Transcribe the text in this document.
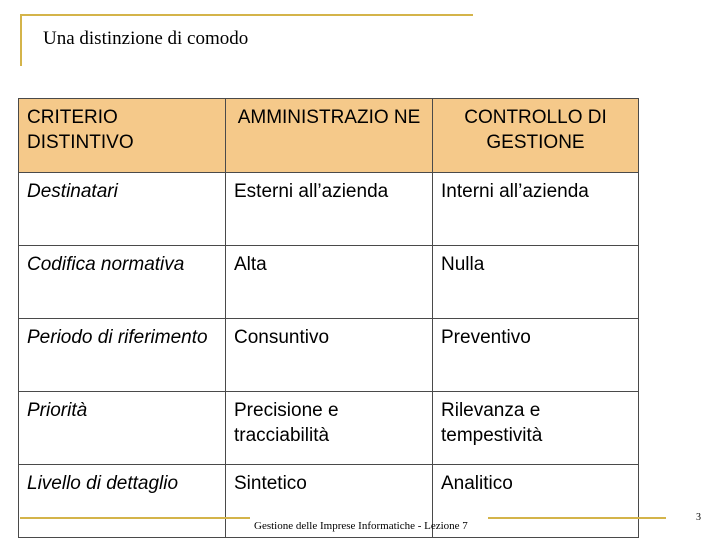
Una distinzione di comodo
CRITERIO DISTINTIVO	AMMINISTRAZIO NE	CONTROLLO DI GESTIONE
Destinatari	Esterni all’azienda	Interni all’azienda
Codifica normativa	Alta	Nulla
Periodo di riferimento	Consuntivo	Preventivo
Priorità	Precisione e tracciabilità	Rilevanza e tempestività
Livello di dettaglio	Sintetico	Analitico
Gestione delle Imprese Informatiche - Lezione 7
3
